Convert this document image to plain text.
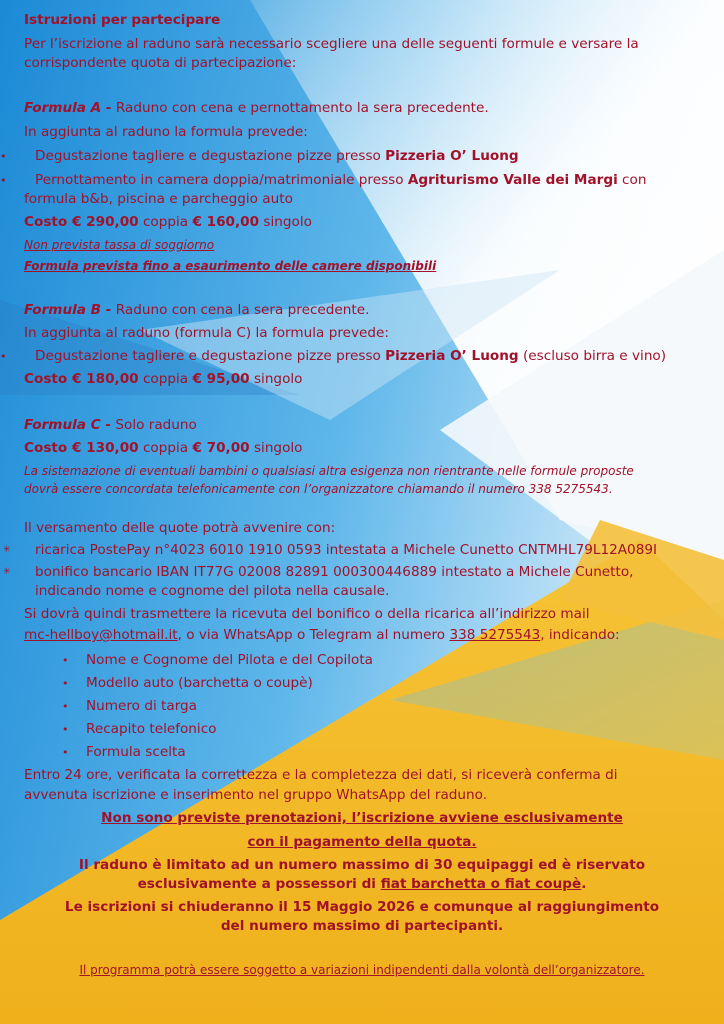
Istruzioni per partecipare
Per l’iscrizione al raduno sarà necessario scegliere una delle seguenti formule e versare la
corrispondente quota di partecipazione:
Formula A - Raduno con cena e pernottamento la sera precedente.
In aggiunta al raduno la formula prevede:
• Degustazione tagliere e degustazione pizze presso Pizzeria O’ Luong
• Pernottamento in camera doppia/matrimoniale presso Agriturismo Valle dei Margi con
formula b&b, piscina e parcheggio auto
Costo € 290,00 coppia € 160,00 singolo
Non prevista tassa di soggiorno
Formula prevista fino a esaurimento delle camere disponibili
Formula B - Raduno con cena la sera precedente.
In aggiunta al raduno (formula C) la formula prevede:
• Degustazione tagliere e degustazione pizze presso Pizzeria O’ Luong (escluso birra e vino)
Costo € 180,00 coppia € 95,00 singolo
Formula C - Solo raduno
Costo € 130,00 coppia € 70,00 singolo
La sistemazione di eventuali bambini o qualsiasi altra esigenza non rientrante nelle formule proposte
dovrà essere concordata telefonicamente con l’organizzatore chiamando il numero 338 5275543.
Il versamento delle quote potrà avvenire con:
✳ ricarica PostePay n°4023 6010 1910 0593 intestata a Michele Cunetto CNTMHL79L12A089I
✳ bonifico bancario IBAN IT77G 02008 82891 000300446889 intestato a Michele Cunetto,
indicando nome e cognome del pilota nella causale.
Si dovrà quindi trasmettere la ricevuta del bonifico o della ricarica all’indirizzo mail
mc-hellboy@hotmail.it, o via WhatsApp o Telegram al numero 338 5275543, indicando:
• Nome e Cognome del Pilota e del Copilota
• Modello auto (barchetta o coupè)
• Numero di targa
• Recapito telefonico
• Formula scelta
Entro 24 ore, verificata la correttezza e la completezza dei dati, si riceverà conferma di
avvenuta iscrizione e inserimento nel gruppo WhatsApp del raduno.
Non sono previste prenotazioni, l’iscrizione avviene esclusivamente
con il pagamento della quota.
Il raduno è limitato ad un numero massimo di 30 equipaggi ed è riservato
esclusivamente a possessori di fiat barchetta o fiat coupè.
Le iscrizioni si chiuderanno il 15 Maggio 2026 e comunque al raggiungimento
del numero massimo di partecipanti.
Il programma potrà essere soggetto a variazioni indipendenti dalla volontà dell’organizzatore.
